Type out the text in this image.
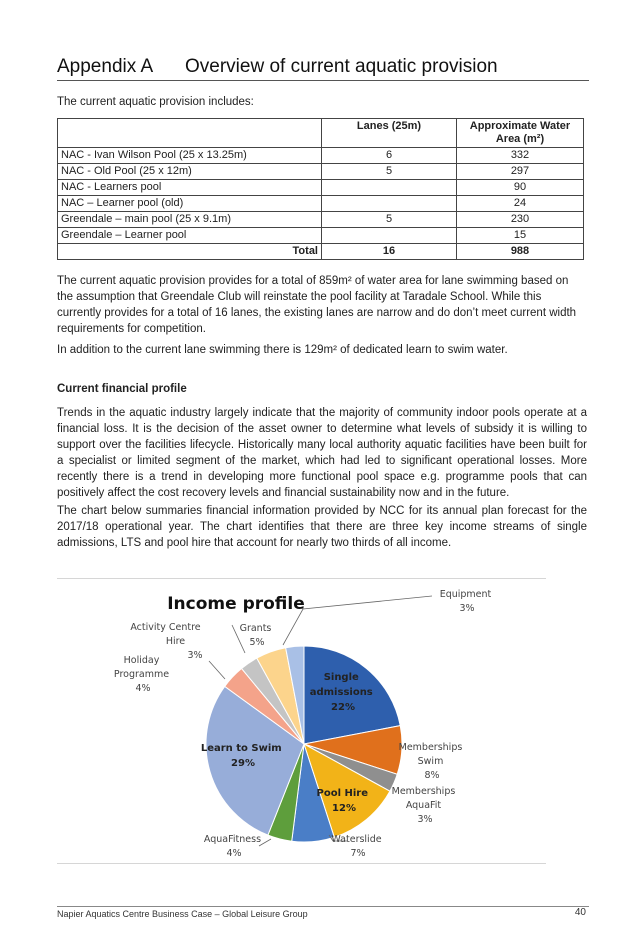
Appendix A Overview of current aquatic provision
The current aquatic provision includes:
	Lanes (25m)	Approximate Water Area (m²)
NAC - Ivan Wilson Pool (25 x 13.25m)	6	332
NAC - Old Pool (25 x 12m)	5	297
NAC - Learners pool		90
NAC – Learner pool (old)		24
Greendale – main pool (25 x 9.1m)	5	230
Greendale – Learner pool		15
Total	16	988

The current aquatic provision provides for a total of 859m² of water area for lane swimming based on the assumption that Greendale Club will reinstate the pool facility at Taradale School. While this currently provides for a total of 16 lanes, the existing lanes are narrow and do don’t meet current width requirements for competition.

In addition to the current lane swimming there is 129m² of dedicated learn to swim water.

Current financial profile

Trends in the aquatic industry largely indicate that the majority of community indoor pools operate at a financial loss. It is the decision of the asset owner to determine what levels of subsidy it is willing to support over the facilities lifecycle. Historically many local authority aquatic facilities have been built for a specialist or limited segment of the market, which had led to significant operational losses. More recently there is a trend in developing more functional pool space e.g. programme pools that can positively affect the cost recovery levels and financial sustainability now and in the future.

The chart below summaries financial information provided by NCC for its annual plan forecast for the 2017/18 operational year. The chart identifies that there are three key income streams of single admissions, LTS and pool hire that account for nearly two thirds of all income.

Income profile
Single admissions 22%
Learn to Swim 29%
Pool Hire 12%
Equipment 3%
Grants 5%
Activity Centre Hire 3%
Holiday Programme 4%
Memberships Swim 8%
Memberships AquaFit 3%
AquaFitness 4%
Waterslide 7%
Napier Aquatics Centre Business Case – Global Leisure Group	40
